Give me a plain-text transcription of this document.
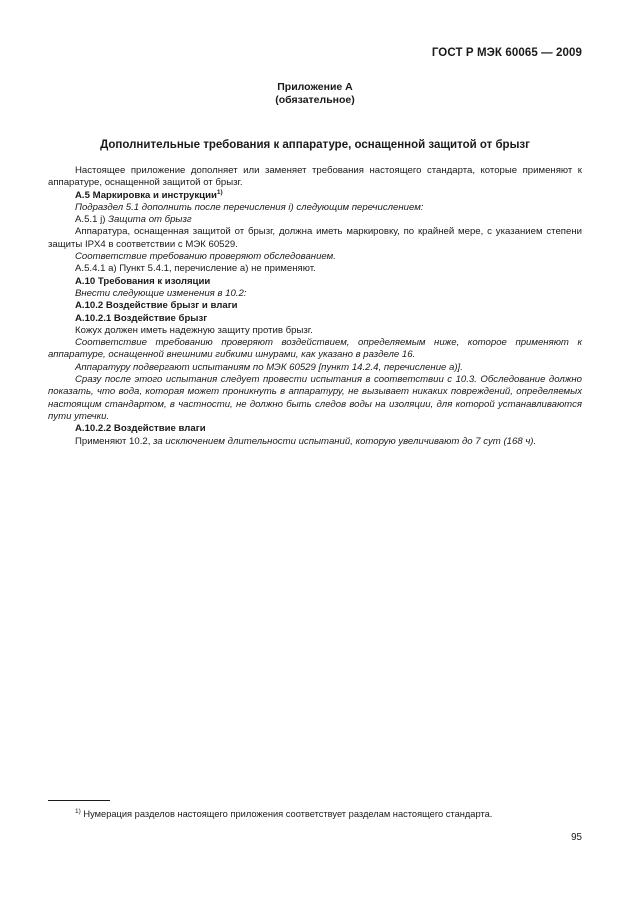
ГОСТ Р МЭК 60065 — 2009
Приложение А
(обязательное)
Дополнительные требования к аппаратуре, оснащенной защитой от брызг

Настоящее приложение дополняет или заменяет требования настоящего стандарта, которые применяют к аппаратуре, оснащенной защитой от брызг.

А.5 Маркировка и инструкции$^{1)}$

Подраздел 5.1 дополнить после перечисления i) следующим перечислением:

А.5.1 j) Защита от брызг

Аппаратура, оснащенная защитой от брызг, должна иметь маркировку, по крайней мере, с указанием степени защиты IPX4 в соответствии с МЭК 60529.

Соответствие требованию проверяют обследованием.

А.5.4.1 а) Пункт 5.4.1, перечисление а) не применяют.

А.10 Требования к изоляции

Внести следующие изменения в 10.2:

А.10.2 Воздействие брызг и влаги

А.10.2.1 Воздействие брызг

Кожух должен иметь надежную защиту против брызг.

Соответствие требованию проверяют воздействием, определяемым ниже, которое применяют к аппаратуре, оснащенной внешними гибкими шнурами, как указано в разделе 16.

Аппаратуру подвергают испытаниям по МЭК 60529 [пункт 14.2.4, перечисление а)].

Сразу после этого испытания следует провести испытания в соответствии с 10.3. Обследование должно показать, что вода, которая может проникнуть в аппаратуру, не вызывает никаких повреждений, определяемых настоящим стандартом, в частности, не должно быть следов воды на изоляции, для которой устанавливаются пути утечки.

А.10.2.2 Воздействие влаги

Применяют 10.2, за исключением длительности испытаний, которую увеличивают до 7 сут (168 ч).

$^{1)}$ Нумерация разделов настоящего приложения соответствует разделам настоящего стандарта.
95
